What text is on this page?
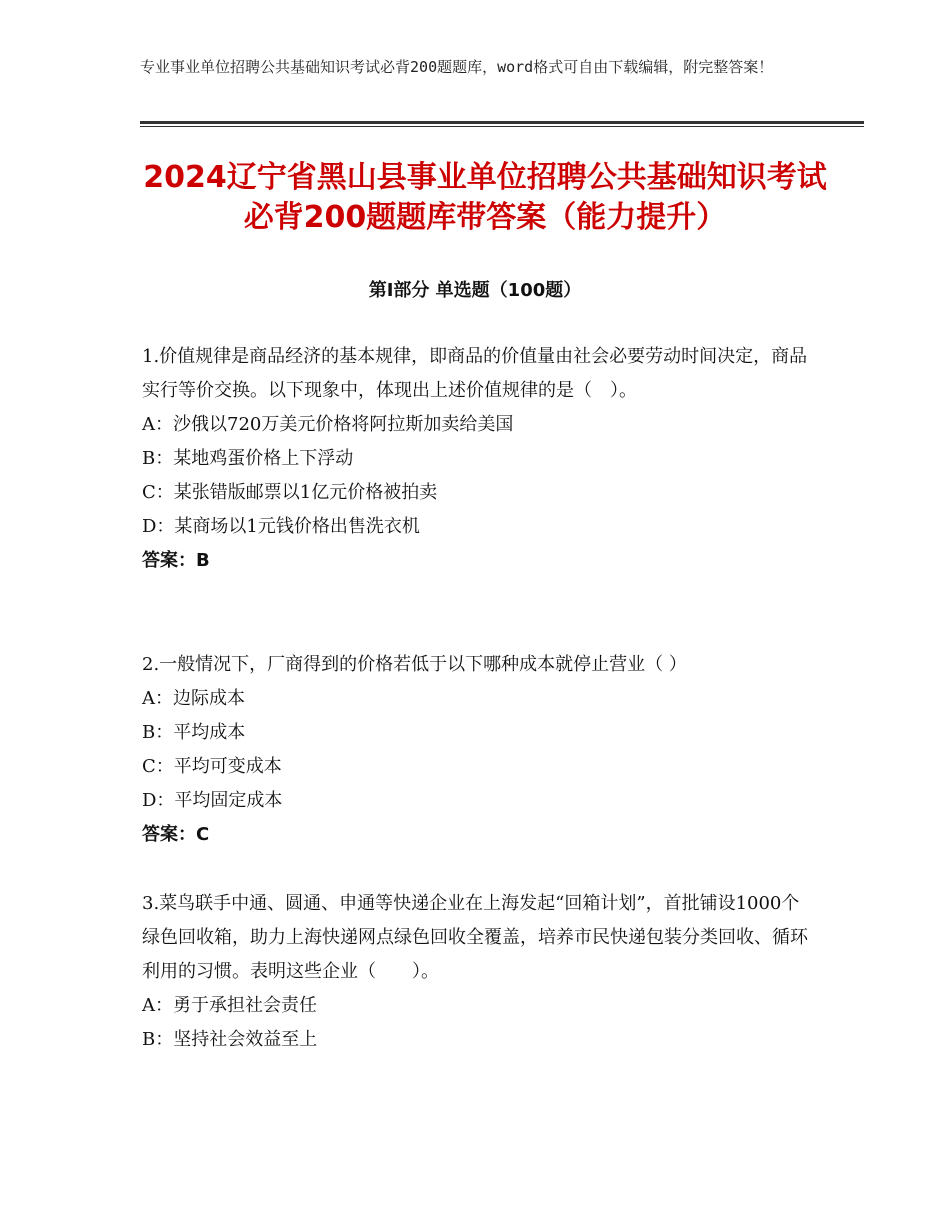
专业事业单位招聘公共基础知识考试必背200题题库，word格式可自由下载编辑，附完整答案！
2024辽宁省黑山县事业单位招聘公共基础知识考试必背200题题库带答案（能力提升）
第I部分 单选题（100题）

1.价值规律是商品经济的基本规律，即商品的价值量由社会必要劳动时间决定，商品实行等价交换。以下现象中，体现出上述价值规律的是（　）。

A：沙俄以720万美元价格将阿拉斯加卖给美国

B：某地鸡蛋价格上下浮动

C：某张错版邮票以1亿元价格被拍卖

D：某商场以1元钱价格出售洗衣机

答案：B

2.一般情况下，厂商得到的价格若低于以下哪种成本就停止营业（ ）

A：边际成本

B：平均成本

C：平均可变成本

D：平均固定成本

答案：C

3.菜鸟联手中通、圆通、申通等快递企业在上海发起“回箱计划”，首批铺设1000个绿色回收箱，助力上海快递网点绿色回收全覆盖，培养市民快递包装分类回收、循环利用的习惯。表明这些企业（　　）。

A：勇于承担社会责任

B：坚持社会效益至上
